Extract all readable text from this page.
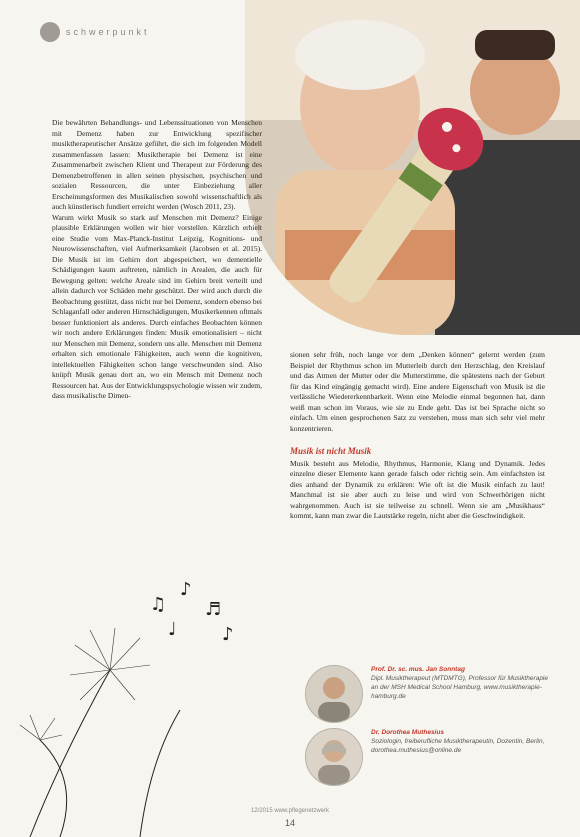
schwerpunkt

Die bewährten Behandlungs- und Lebenssituationen von Menschen mit Demenz haben zur Entwicklung spezifischer musiktherapeutischer Ansätze geführt, die sich im folgenden Modell zusammenfassen lassen: Musiktherapie bei Demenz ist eine Zusammenarbeit zwischen Klient und Therapeut zur Förderung des Demenzbetroffenen in allen seinen physischen, psychischen und sozialen Ressourcen, die unter Einbeziehung aller Erscheinungsformen des Musikalischen sowohl wissenschaftlich als auch künstlerisch fundiert erreicht werden (Wosch 2011, 23).

Warum wirkt Musik so stark auf Menschen mit Demenz? Einige plausible Erklärungen wollen wir hier vorstellen. Kürzlich erhielt eine Studie vom Max-Planck-Institut Leipzig, Kognitions- und Neurowissenschaften, viel Aufmerksamkeit (Jacobsen et al. 2015). Die Musik ist im Gehirn dort abgespeichert, wo dementielle Schädigungen kaum auftreten, nämlich in Arealen, die auch für Bewegung gelten: welche Areale sind im Gehirn breit verteilt und allein dadurch vor Schäden mehr geschützt. Der wird auch durch die Beobachtung gestützt, dass nicht nur bei Demenz, sondern ebenso bei Schlaganfall oder anderen Hirnschädigungen, Musikerkennen oftmals besser funktioniert als anderes. Durch einfaches Beobachten können wir noch andere Erklärungen finden: Musik emotionalisiert – nicht nur Menschen mit Demenz, sondern uns alle. Menschen mit Demenz erhalten sich emotionale Fähigkeiten, auch wenn die kognitiven, intellektuellen Fähigkeiten schon lange verschwunden sind. Also knüpft Musik genau dort an, wo ein Mensch mit Demenz noch Ressourcen hat. Aus der Entwicklungspsychologie wissen wir zudem, dass musikalische Dimen-

sionen sehr früh, noch lange vor dem „Denken können“ gelernt werden (zum Beispiel der Rhythmus schon im Mutterleib durch den Herzschlag, den Kreislauf und das Atmen der Mutter oder die Mutterstimme, die spätestens nach der Geburt für das Kind eingängig gemacht wird). Eine andere Eigenschaft von Musik ist die verlässliche Wiedererkennbarkeit. Wenn eine Melodie einmal begonnen hat, dann weiß man schon im Voraus, wie sie zu Ende geht. Das ist bei Sprache nicht so einfach. Um einen gesprochenen Satz zu verstehen, muss man sich sehr viel mehr konzentrieren.

Musik ist nicht Musik

Musik besteht aus Melodie, Rhythmus, Harmonie, Klang und Dynamik. Jedes einzelne dieser Elemente kann gerade falsch oder richtig sein. Am einfachsten ist dies anhand der Dynamik zu erklären: Wie oft ist die Musik einfach zu laut! Manchmal ist sie aber auch zu leise und wird von Schwerhörigen nicht wahrgenommen. Auch ist sie teilweise zu schnell. Wenn sie am „Musikhaus“ kommt, kann man zwar die Lautstärke regeln, nicht aber die Geschwindigkeit.

Prof. Dr. sc. mus. Jan Sonntag
Dipl. Musiktherapeut (MTDMTG), Professor für Musiktherapie an der MSH Medical School Hamburg, www.musiktherapie-hamburg.de
Dr. Dorothea Muthesius
Soziologin, freiberufliche Musiktherapeutin, Dozentin, Berlin, dorothea.muthesius@online.de
♫
♪
♬
♩	♪
12/2015 www.pflegenetzwerk
14
